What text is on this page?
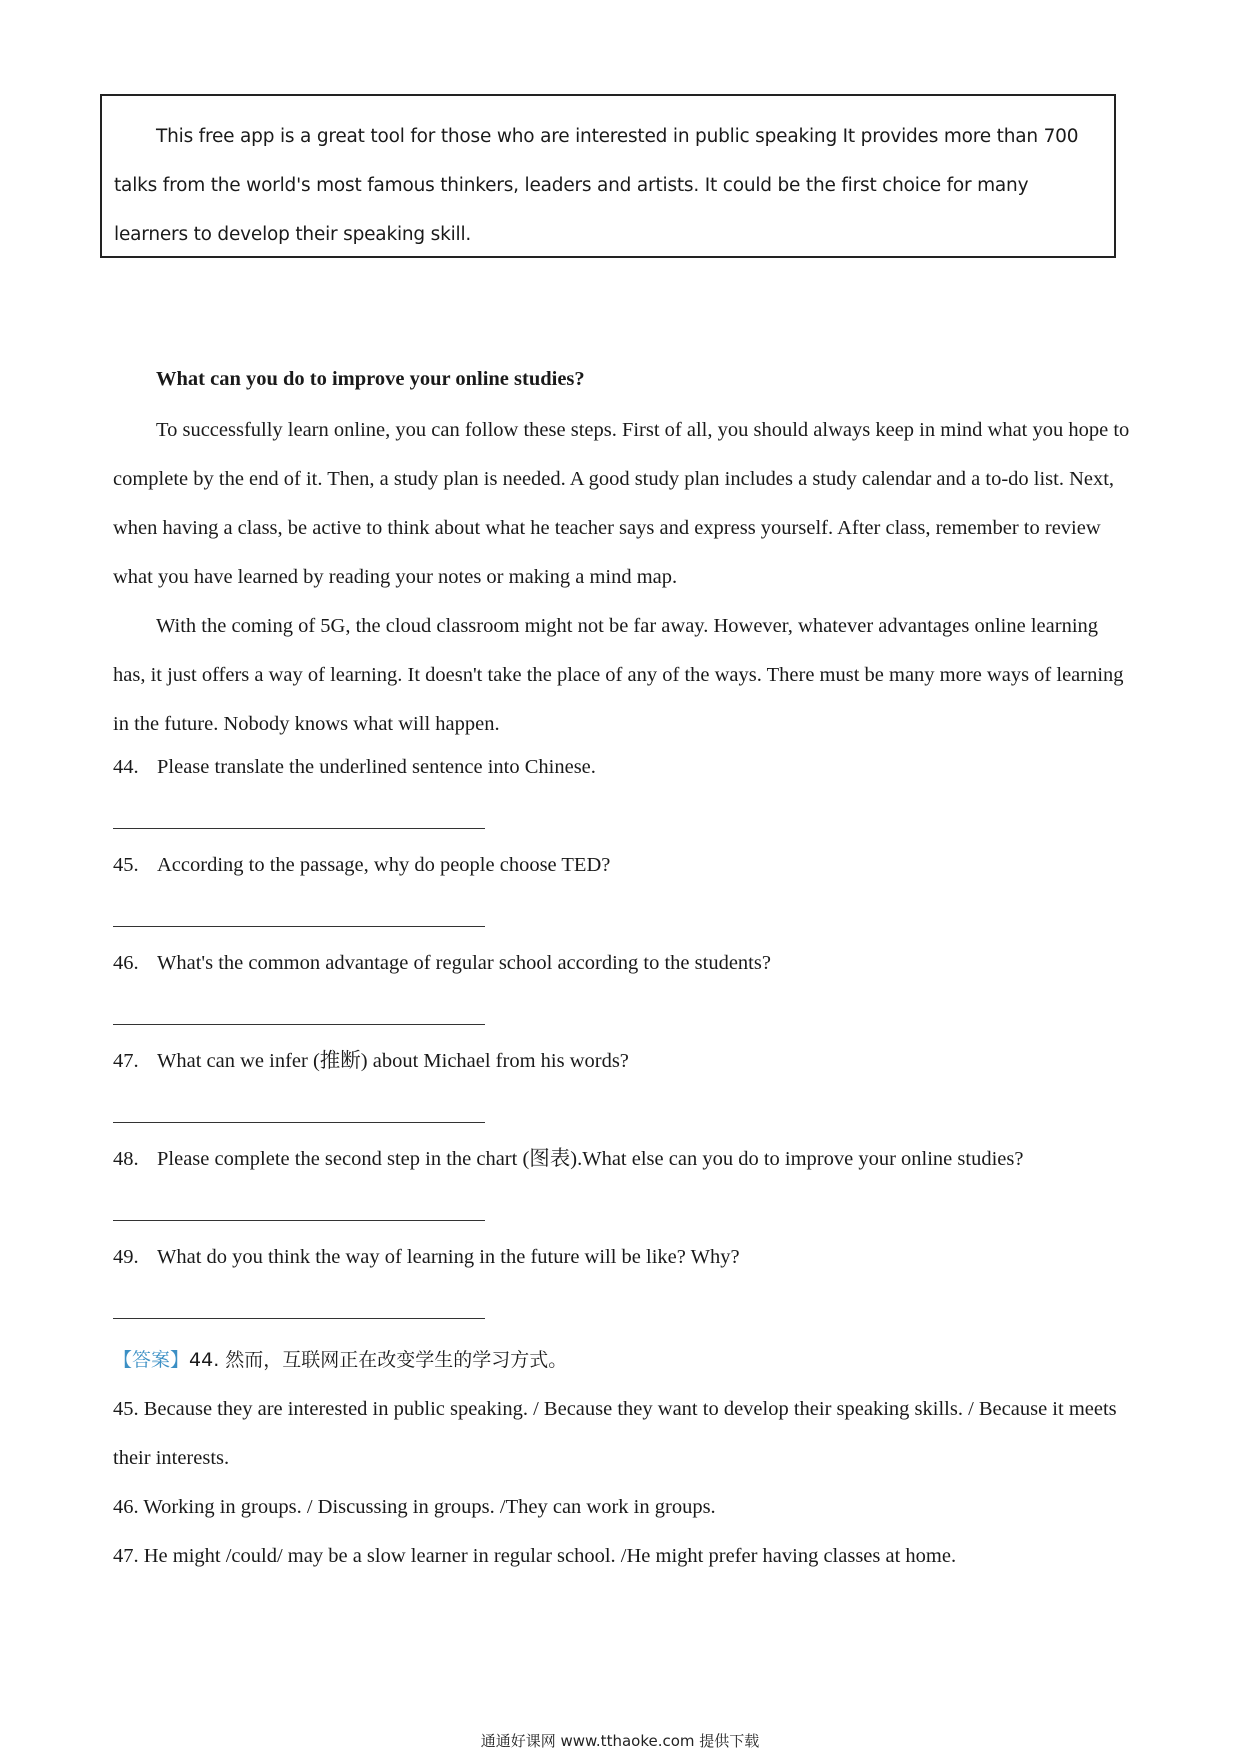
This free app is a great tool for those who are interested in public speaking It provides more than 700 talks from the world's most famous thinkers, leaders and artists. It could be the first choice for many learners to develop their speaking skill.

What can you do to improve your online studies?

To successfully learn online, you can follow these steps. First of all, you should always keep in mind what you hope to complete by the end of it. Then, a study plan is needed. A good study plan includes a study calendar and a to-do list. Next, when having a class, be active to think about what he teacher says and express yourself. After class, remember to review what you have learned by reading your notes or making a mind map.

With the coming of 5G, the cloud classroom might not be far away. However, whatever advantages online learning has, it just offers a way of learning. It doesn't take the place of any of the ways. There must be many more ways of learning in the future. Nobody knows what will happen.

44. Please translate the underlined sentence into Chinese.
45. According to the passage, why do people choose TED?
46. What's the common advantage of regular school according to the students?
47. What can we infer (推断) about Michael from his words?
48. Please complete the second step in the chart (图表).What else can you do to improve your online studies?
49. What do you think the way of learning in the future will be like? Why?

【答案】44. 然而，互联网正在改变学生的学习方式。

45. Because they are interested in public speaking. / Because they want to develop their speaking skills. / Because it meets their interests.

46. Working in groups. / Discussing in groups. /They can work in groups.

47. He might /could/ may be a slow learner in regular school. /He might prefer having classes at home.

通通好课网 www.tthaoke.com 提供下载
